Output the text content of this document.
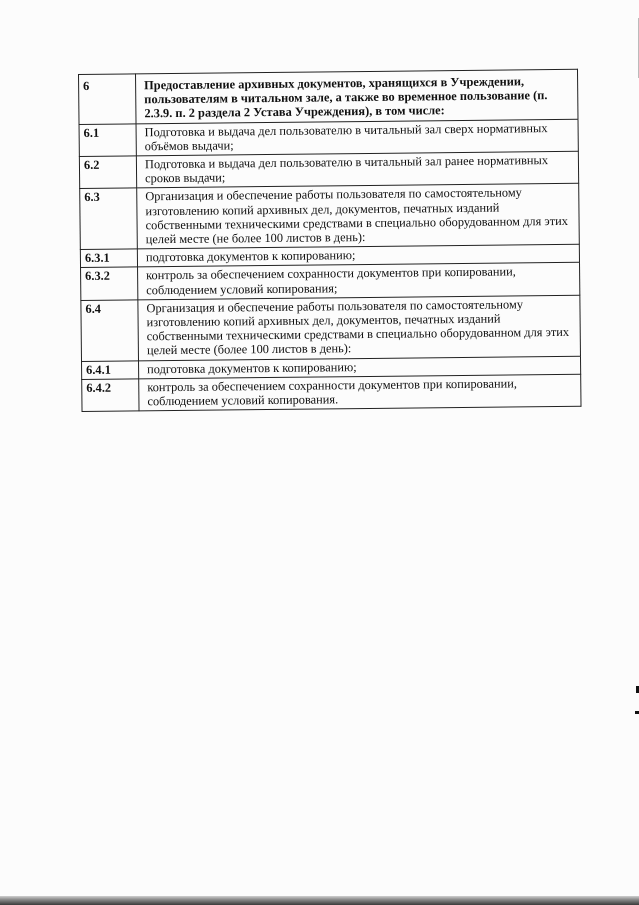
6	Предоставление архивных документов, хранящихся в Учреждении, пользователям в читальном зале, а также во временное пользование (п. 2.3.9. п. 2 раздела 2 Устава Учреждения), в том числе:
6.1	Подготовка и выдача дел пользователю в читальный зал сверх нормативных объёмов выдачи;
6.2	Подготовка и выдача дел пользователю в читальный зал ранее нормативных сроков выдачи;
6.3	Организация и обеспечение работы пользователя по самостоятельному изготовлению копий архивных дел, документов, печатных изданий собственными техническими средствами в специально оборудованном для этих целей месте (не более 100 листов в день):
6.3.1	подготовка документов к копированию;
6.3.2	контроль за обеспечением сохранности документов при копировании, соблюдением условий копирования;
6.4	Организация и обеспечение работы пользователя по самостоятельному изготовлению копий архивных дел, документов, печатных изданий собственными техническими средствами в специально оборудованном для этих целей месте (более 100 листов в день):
6.4.1	подготовка документов к копированию;
6.4.2	контроль за обеспечением сохранности документов при копировании, соблюдением условий копирования.
